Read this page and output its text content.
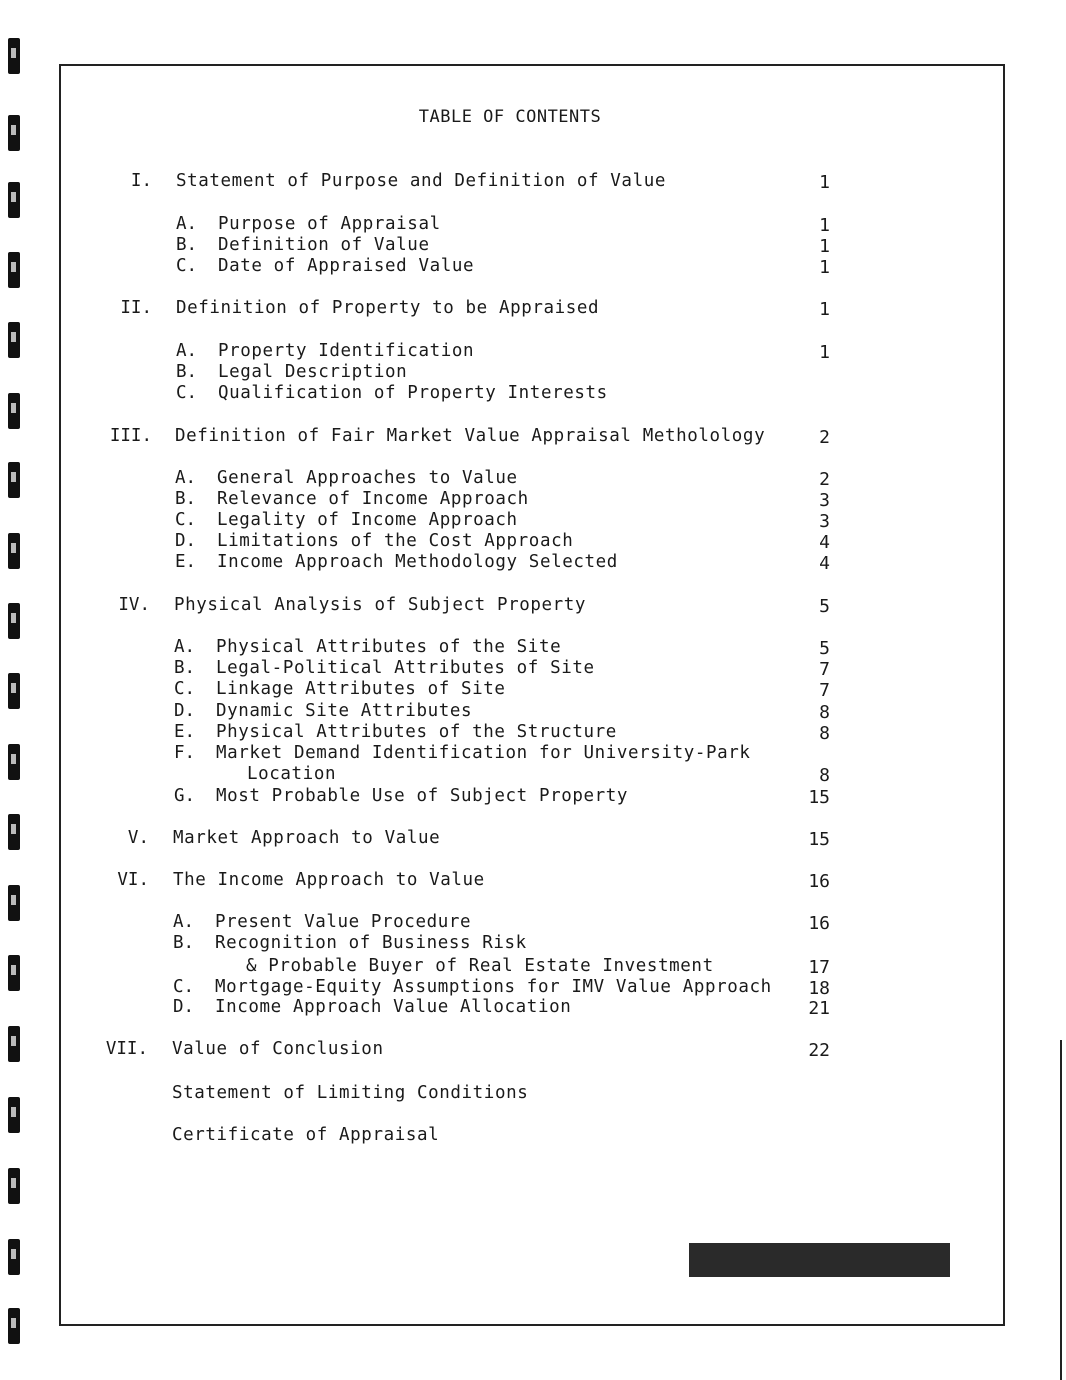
TABLE OF CONTENTS
I. Statement of Purpose and Definition of Value	1
A. Purpose of Appraisal	1
B. Definition of Value	1
C. Date of Appraised Value	1
II. Definition of Property to be Appraised	1
A. Property Identification	1
B. Legal Description
C. Qualification of Property Interests
III. Definition of Fair Market Value Appraisal Metholology	2
A. General Approaches to Value	2
B. Relevance of Income Approach	3
C. Legality of Income Approach	3
D. Limitations of the Cost Approach	4
E. Income Approach Methodology Selected	4
IV. Physical Analysis of Subject Property	5
A. Physical Attributes of the Site	5
B. Legal-Political Attributes of Site	7
C. Linkage Attributes of Site	7
D. Dynamic Site Attributes	8
E. Physical Attributes of the Structure	8
F. Market Demand Identification for University-Park
Location	8
G. Most Probable Use of Subject Property	15
V. Market Approach to Value	15
VI. The Income Approach to Value	16
A. Present Value Procedure	16
B. Recognition of Business Risk
& Probable Buyer of Real Estate Investment	17
C. Mortgage-Equity Assumptions for IMV Value Approach	18
D. Income Approach Value Allocation	21
VII. Value of Conclusion	22
Statement of Limiting Conditions
Certificate of Appraisal
